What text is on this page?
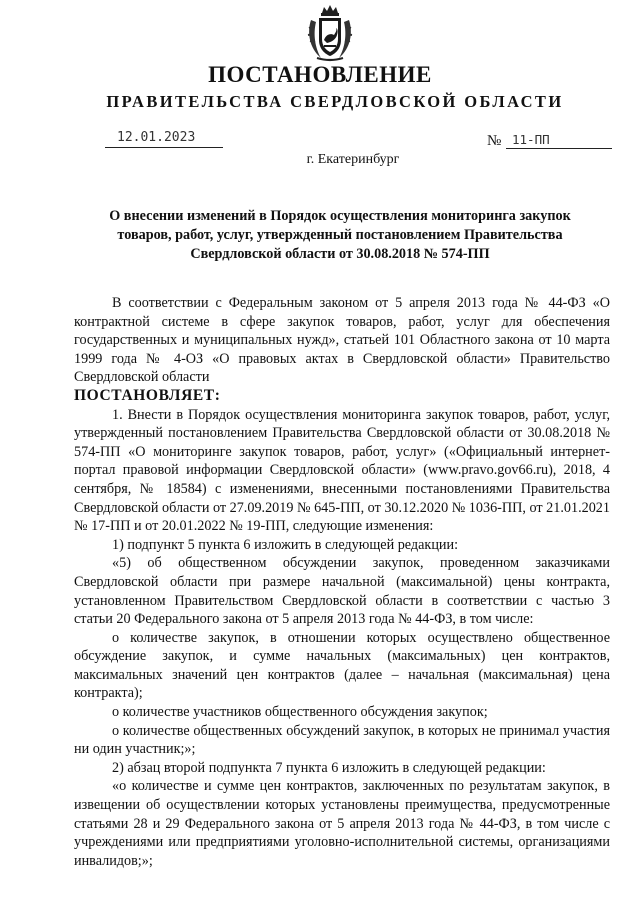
ПОСТАНОВЛЕНИЕ
ПРАВИТЕЛЬСТВА СВЕРДЛОВСКОЙ ОБЛАСТИ
12.01.2023	№ 11-ПП
г. Екатеринбург
О внесении изменений в Порядок осуществления мониторинга закупок товаров, работ, услуг, утвержденный постановлением Правительства Свердловской области от 30.08.2018 № 574-ПП

В соответствии с Федеральным законом от 5 апреля 2013 года № 44-ФЗ «О контрактной системе в сфере закупок товаров, работ, услуг для обеспечения государственных и муниципальных нужд», статьей 101 Областного закона от 10 марта 1999 года № 4-ОЗ «О правовых актах в Свердловской области» Правительство Свердловской области

ПОСТАНОВЛЯЕТ:

1. Внести в Порядок осуществления мониторинга закупок товаров, работ, услуг, утвержденный постановлением Правительства Свердловской области от 30.08.2018 № 574-ПП «О мониторинге закупок товаров, работ, услуг» («Официальный интернет-портал правовой информации Свердловской области» (www.pravo.gov66.ru), 2018, 4 сентября, № 18584) с изменениями, внесенными постановлениями Правительства Свердловской области от 27.09.2019 № 645-ПП, от 30.12.2020 № 1036-ПП, от 21.01.2021 № 17-ПП и от 20.01.2022 № 19-ПП, следующие изменения:

1) подпункт 5 пункта 6 изложить в следующей редакции:

«5) об общественном обсуждении закупок, проведенном заказчиками Свердловской области при размере начальной (максимальной) цены контракта, установленном Правительством Свердловской области в соответствии с частью 3 статьи 20 Федерального закона от 5 апреля 2013 года № 44-ФЗ, в том числе:

о количестве закупок, в отношении которых осуществлено общественное обсуждение закупок, и сумме начальных (максимальных) цен контрактов, максимальных значений цен контрактов (далее – начальная (максимальная) цена контракта);

о количестве участников общественного обсуждения закупок;

о количестве общественных обсуждений закупок, в которых не принимал участия ни один участник;»;

2) абзац второй подпункта 7 пункта 6 изложить в следующей редакции:

«о количестве и сумме цен контрактов, заключенных по результатам закупок, в извещении об осуществлении которых установлены преимущества, предусмотренные статьями 28 и 29 Федерального закона от 5 апреля 2013 года № 44-ФЗ, в том числе с учреждениями или предприятиями уголовно-исполнительной системы, организациями инвалидов;»;
